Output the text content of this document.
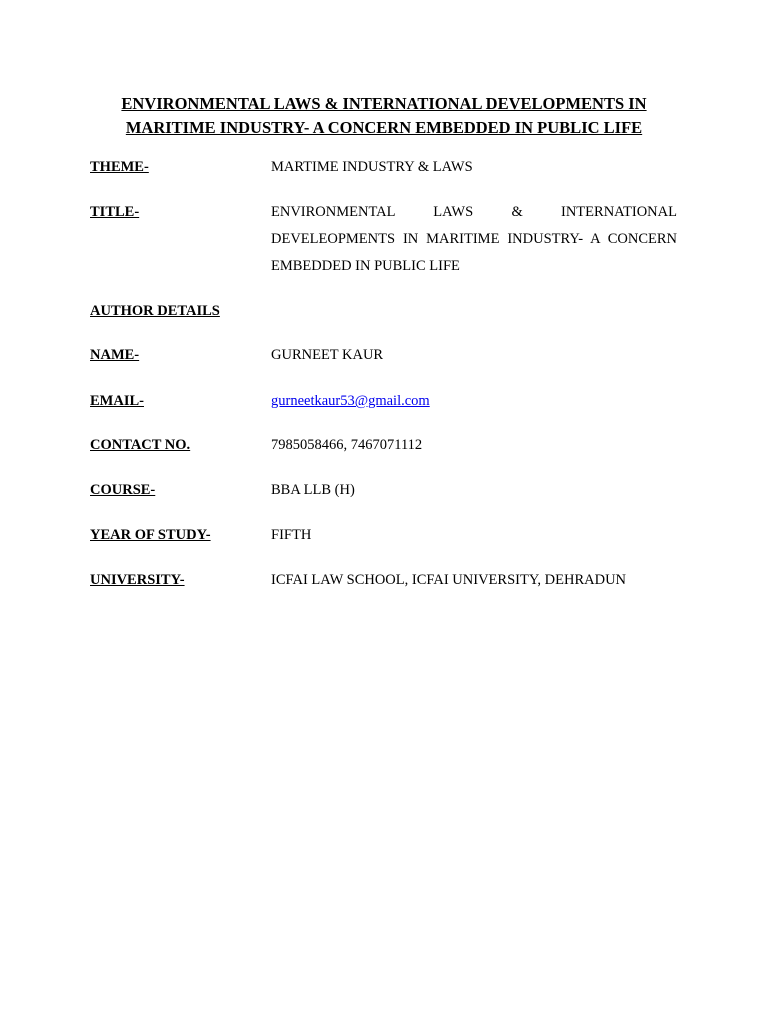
ENVIRONMENTAL LAWS & INTERNATIONAL DEVELOPMENTS IN MARITIME INDUSTRY- A CONCERN EMBEDDED IN PUBLIC LIFE
THEME-	MARTIME INDUSTRY & LAWS
TITLE-	ENVIRONMENTAL LAWS & INTERNATIONAL DEVELEOPMENTS IN MARITIME INDUSTRY- A CONCERN EMBEDDED IN PUBLIC LIFE
AUTHOR DETAILS
NAME-	GURNEET KAUR
EMAIL-	gurneetkaur53@gmail.com
CONTACT NO.	7985058466, 7467071112
COURSE-	BBA LLB (H)
YEAR OF STUDY-	FIFTH
UNIVERSITY-	ICFAI LAW SCHOOL, ICFAI UNIVERSITY, DEHRADUN
